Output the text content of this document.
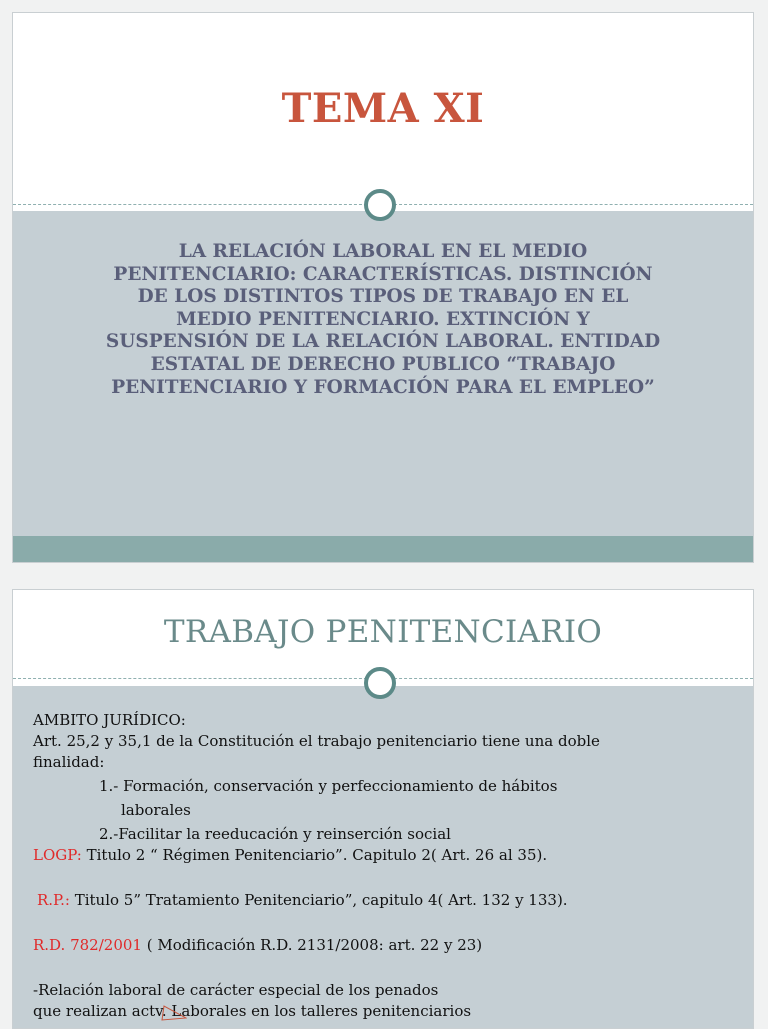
TEMA XI
LA RELACIÓN LABORAL EN EL MEDIO PENITENCIARIO: CARACTERÍSTICAS. DISTINCIÓN DE LOS DISTINTOS TIPOS DE TRABAJO EN EL MEDIO PENITENCIARIO. EXTINCIÓN Y SUSPENSIÓN DE LA RELACIÓN LABORAL. ENTIDAD ESTATAL DE DERECHO PUBLICO “TRABAJO PENITENCIARIO Y FORMACIÓN PARA EL EMPLEO”
TRABAJO PENITENCIARIO
AMBITO JURÍDICO:
Art. 25,2 y 35,1 de la Constitución el trabajo penitenciario tiene una doble
finalidad:
1.- Formación, conservación y perfeccionamiento de hábitos
laborales
2.-Facilitar la reeducación y reinserción social
LOGP: Titulo 2 “ Régimen Penitenciario”. Capitulo 2( Art. 26 al 35).
R.P.: Titulo 5” Tratamiento Penitenciario”, capitulo 4( Art. 132 y 133).
R.D. 782/2001 ( Modificación R.D. 2131/2008: art. 22 y 23)
-Relación laboral de carácter especial de los penados
que realizan actv. Laborales en los talleres penitenciarios
